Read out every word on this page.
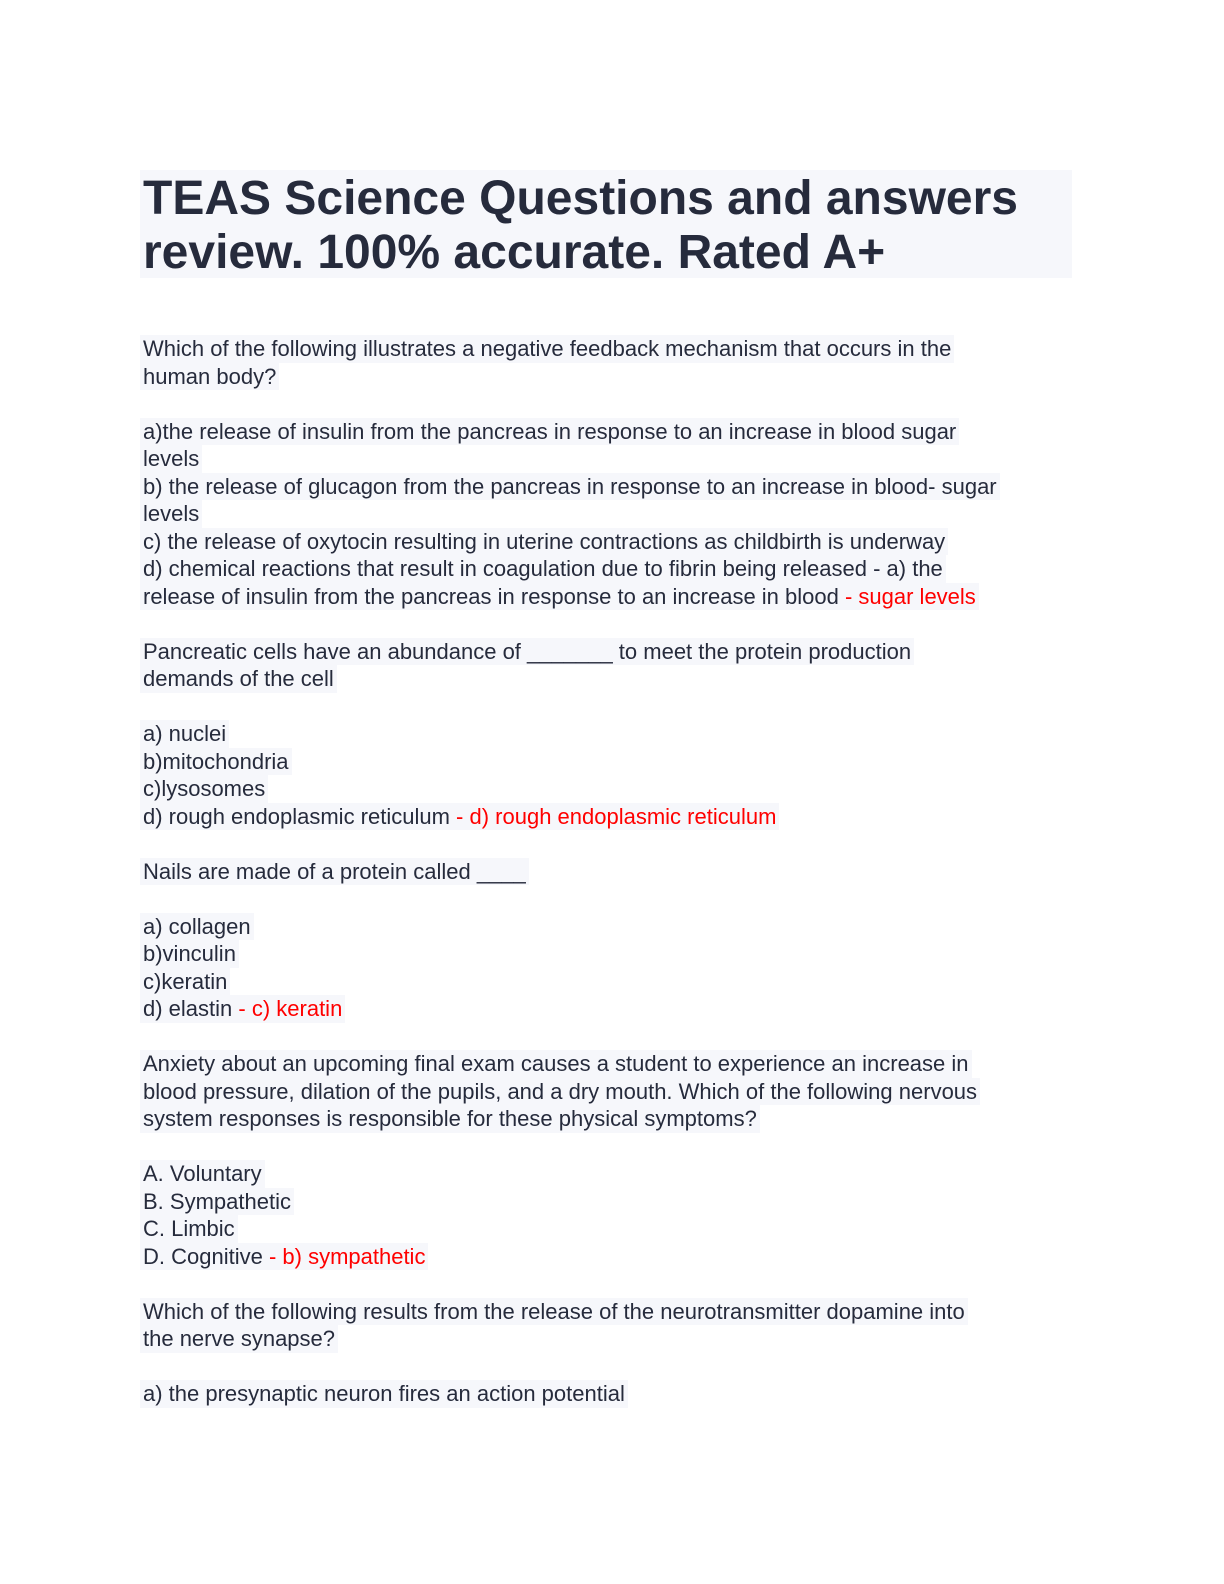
TEAS Science Questions and answers
review. 100% accurate. Rated A+
Which of the following illustrates a negative feedback mechanism that occurs in the
human body?
a)the release of insulin from the pancreas in response to an increase in blood sugar
levels
b) the release of glucagon from the pancreas in response to an increase in blood- sugar
levels
c) the release of oxytocin resulting in uterine contractions as childbirth is underway
d) chemical reactions that result in coagulation due to fibrin being released - a) the
release of insulin from the pancreas in response to an increase in blood - sugar levels
Pancreatic cells have an abundance of _______ to meet the protein production
demands of the cell
a) nuclei
b)mitochondria
c)lysosomes
d) rough endoplasmic reticulum - d) rough endoplasmic reticulum
Nails are made of a protein called ____
a) collagen
b)vinculin
c)keratin
d) elastin - c) keratin
Anxiety about an upcoming final exam causes a student to experience an increase in
blood pressure, dilation of the pupils, and a dry mouth. Which of the following nervous
system responses is responsible for these physical symptoms?
A. Voluntary
B. Sympathetic
C. Limbic
D. Cognitive - b) sympathetic
Which of the following results from the release of the neurotransmitter dopamine into
the nerve synapse?
a) the presynaptic neuron fires an action potential
